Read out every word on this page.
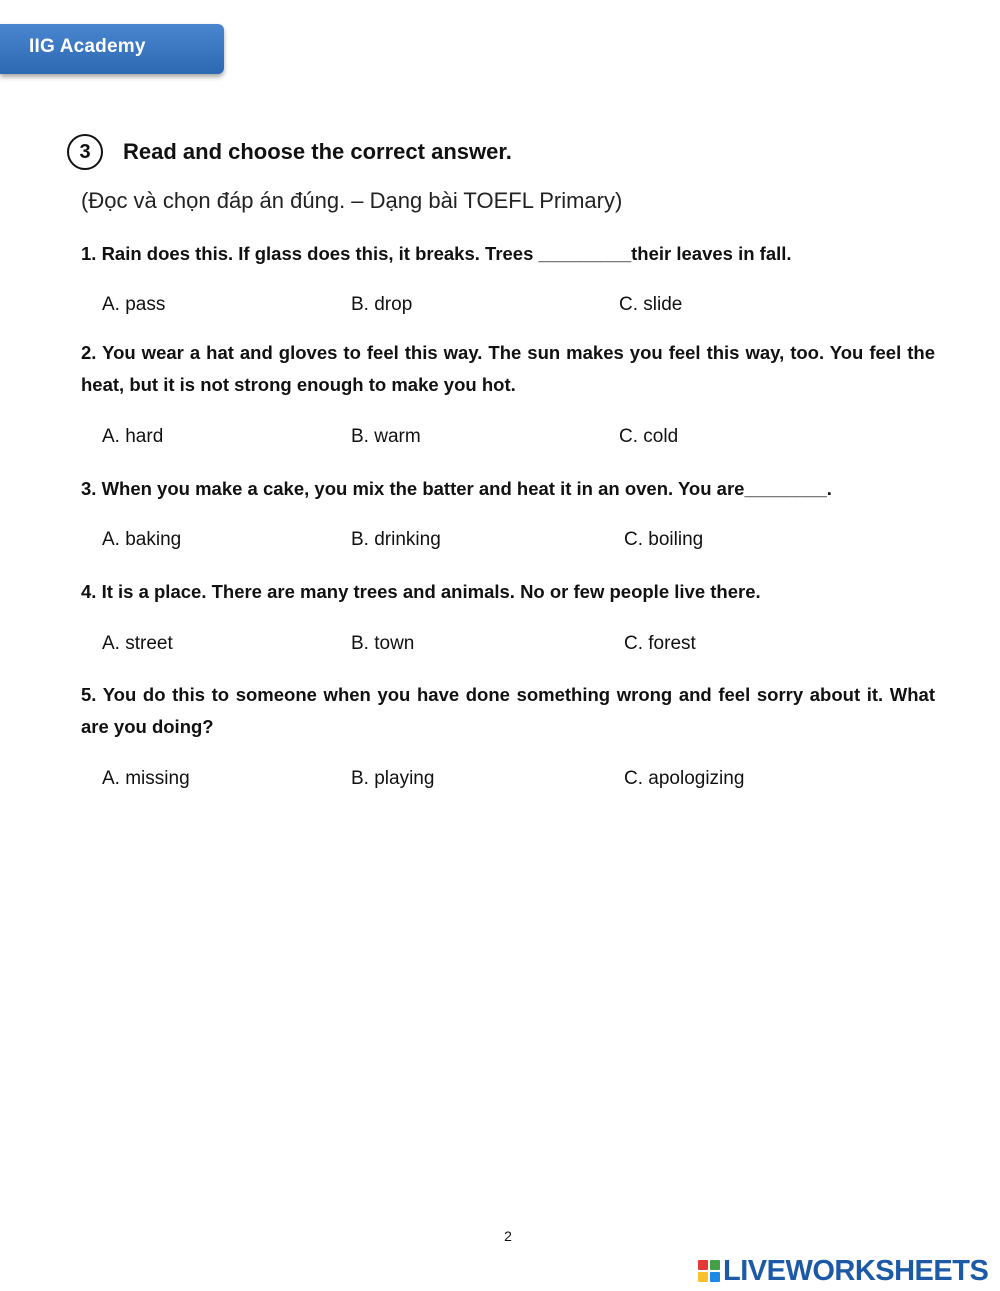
IIG Academy
3	Read and choose the correct answer.
(Đọc và chọn đáp án đúng. – Dạng bài TOEFL Primary)
1. Rain does this. If glass does this, it breaks. Trees _________their leaves in fall.
A. pass	B. drop	C. slide
2. You wear a hat and gloves to feel this way. The sun makes you feel this way, too. You feel the heat, but it is not strong enough to make you hot.
A. hard	B. warm	C. cold
3. When you make a cake, you mix the batter and heat it in an oven. You are________.
A. baking	B. drinking	C. boiling
4. It is a place. There are many trees and animals. No or few people live there.
A. street	B. town	C. forest
5. You do this to someone when you have done something wrong and feel sorry about it. What are you doing?
A. missing	B. playing	C. apologizing
2
LIVEWORKSHEETS
